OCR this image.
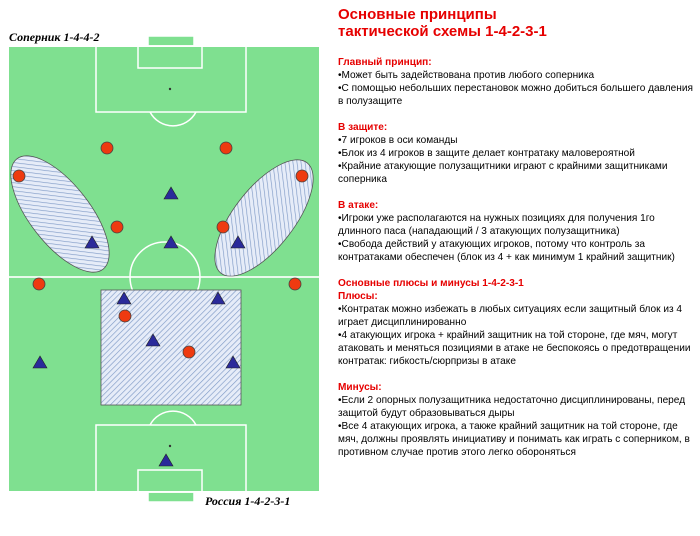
Соперник 1-4-4-2
Россия 1-4-2-3-1
Основные принципы
тактической схемы 1-4-2-3-1
Главный принцип:
•Может быть задействована против любого соперника
•С помощью небольших перестановок можно добиться большего давления в полузащите
В защите:
•7 игроков в оси команды
•Блок из 4 игроков в защите делает контратаку маловероятной
•Крайние атакующие полузащитники играют с крайними защитниками соперника
В атаке:
•Игроки уже располагаются на нужных позициях для получения 1го длинного паса (нападающий / 3 атакующих полузащитника)
•Свобода действий у атакующих игроков, потому что контроль за контратаками обеспечен (блок из 4 + как минимум 1 крайний защитник)
Основные плюсы и минусы 1-4-2-3-1
Плюсы:
•Контратак можно избежать в любых ситуациях если защитный блок из 4 играет дисциплинированно
•4 атакующих игрока + крайний защитник на той стороне, где мяч, могут атаковать и меняться позициями в атаке не беспокоясь о предотвращении контратак: гибкость/сюрпризы в атаке
Минусы:
•Если 2 опорных полузащитника недостаточно дисциплинированы, перед защитой будут образовываться дыры
•Все 4 атакующих игрока, а также крайний защитник на той стороне, где мяч, должны проявлять инициативу и понимать как играть с соперником, в противном случае против этого легко обороняться
